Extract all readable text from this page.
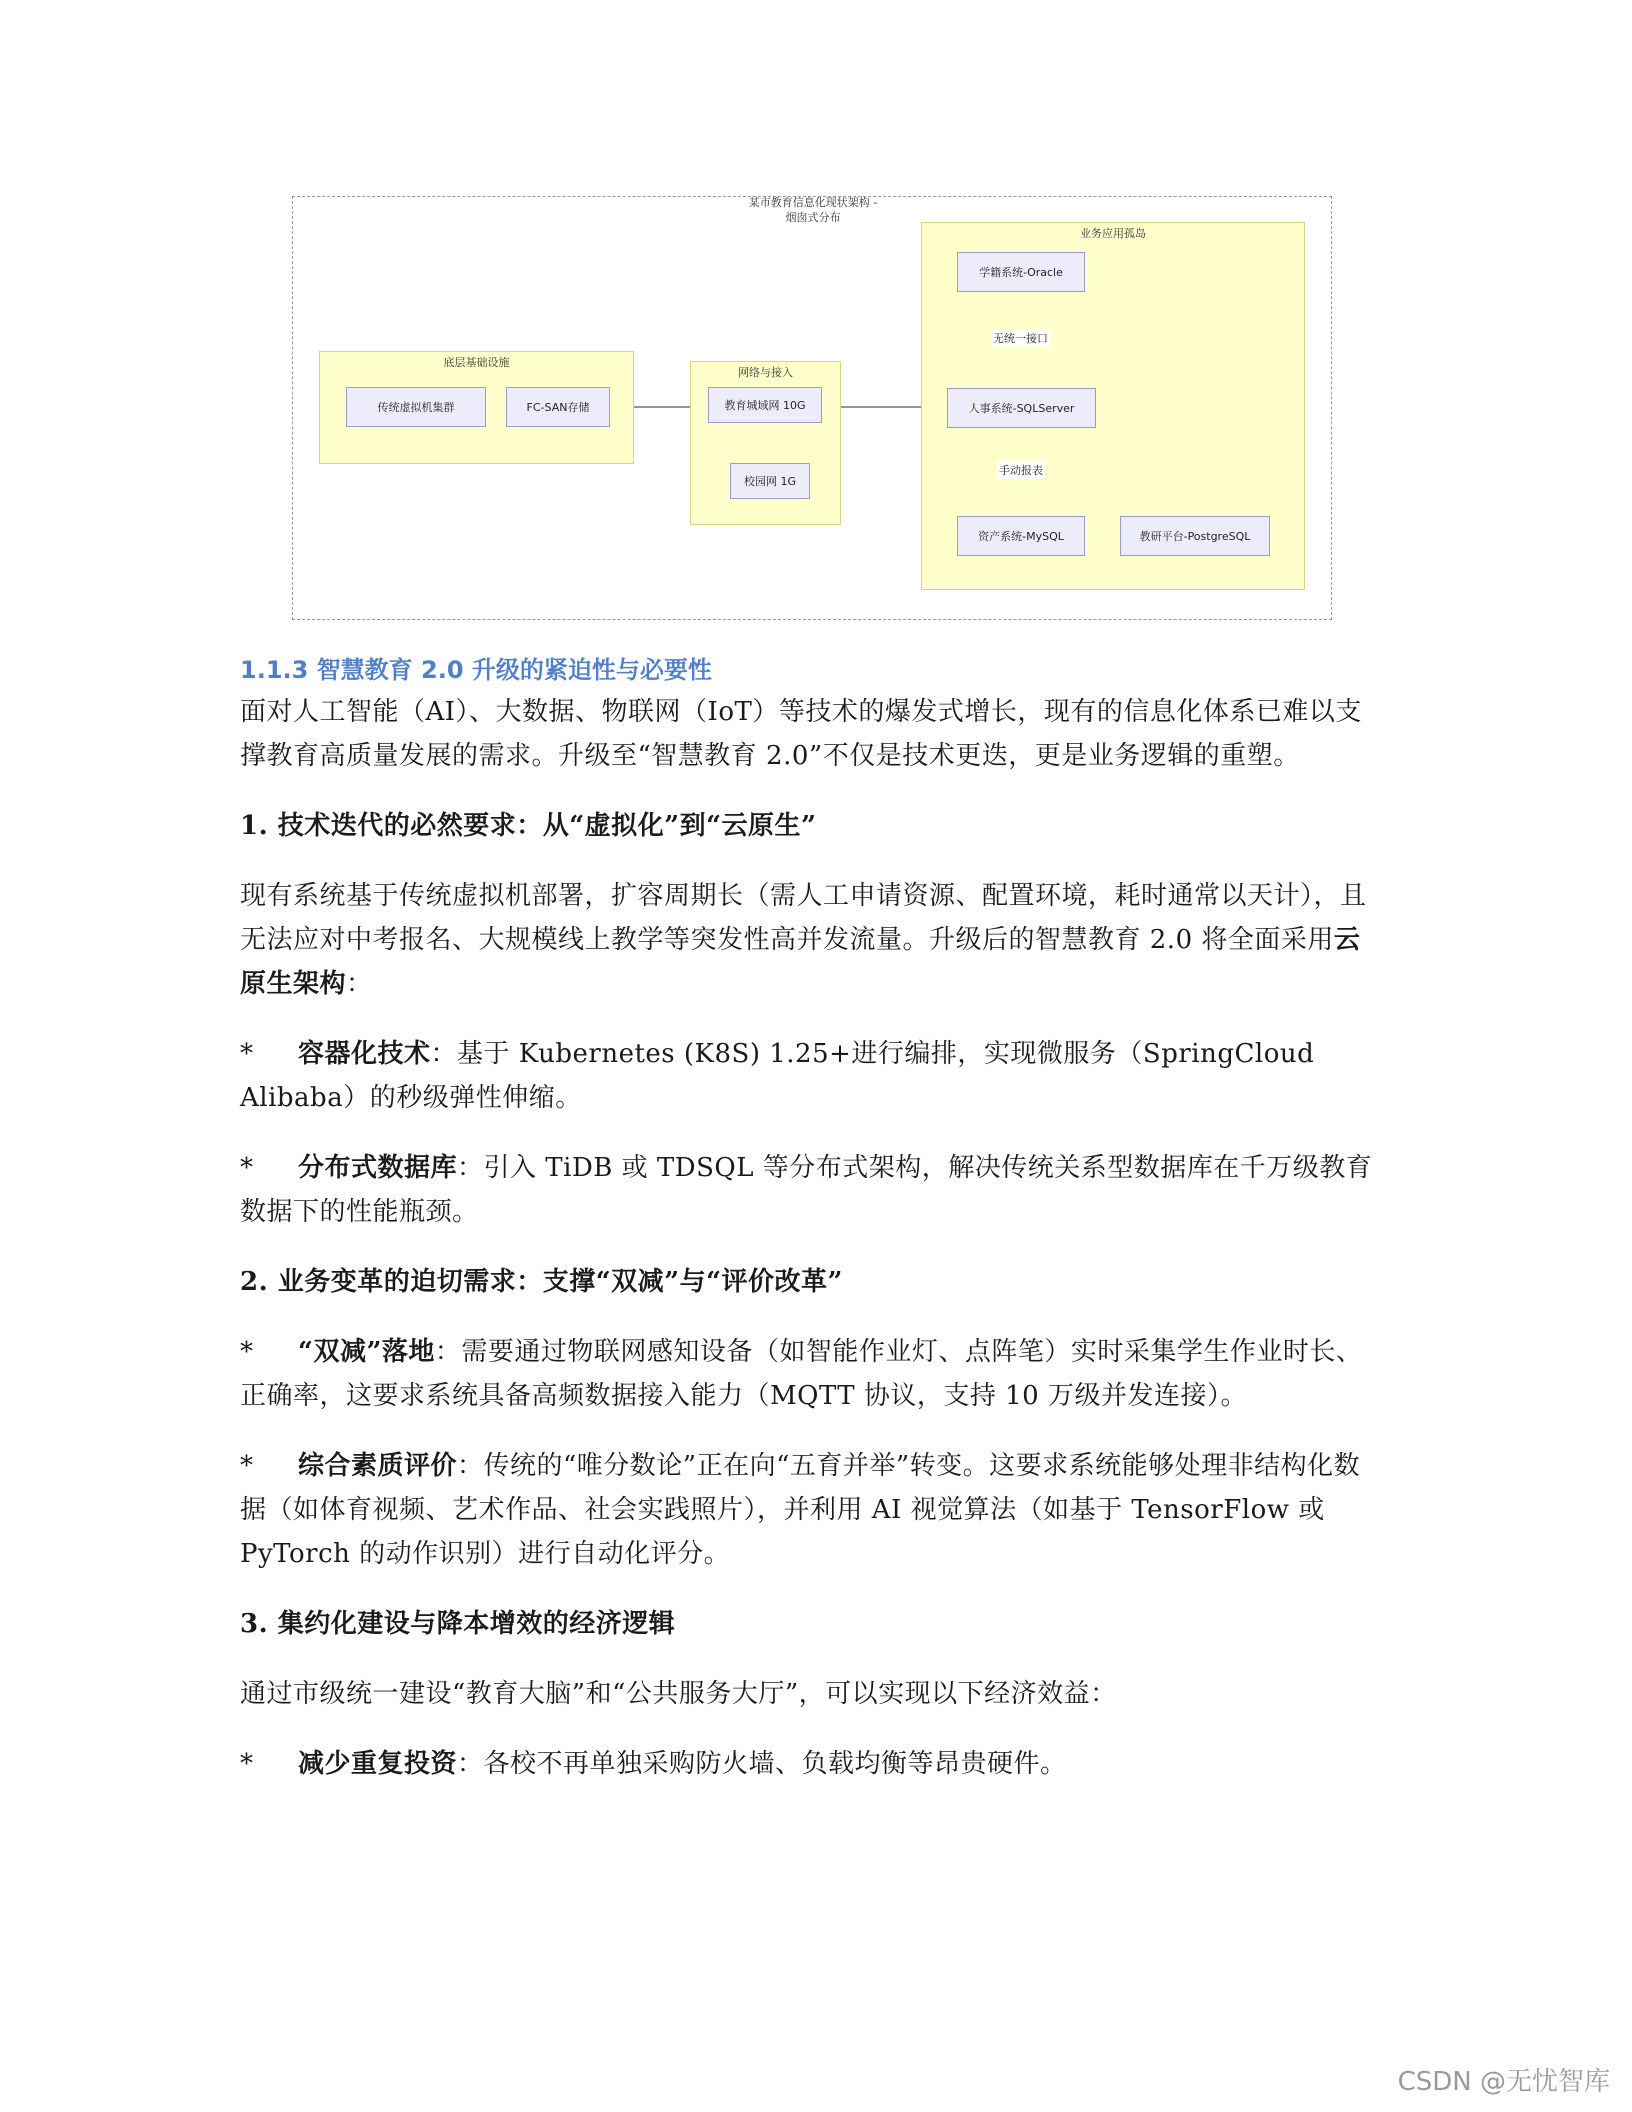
某市教育信息化现状架构 -
烟囱式分布
底层基础设施
传统虚拟机集群	FC-SAN存储
网络与接入
教育城域网 10G
校园网 1G
业务应用孤岛
学籍系统-Oracle
人事系统-SQLServer
资产系统-MySQL	教研平台-PostgreSQL
无统一接口
手动报表
1.1.3 智慧教育 2.0 升级的紧迫性与必要性

面对人工智能（AI）、大数据、物联网（IoT）等技术的爆发式增长，现有的信息化体系已难以支撑教育高质量发展的需求。升级至“智慧教育 2.0”不仅是技术更迭，更是业务逻辑的重塑。

1. 技术迭代的必然要求：从“虚拟化”到“云原生”

现有系统基于传统虚拟机部署，扩容周期长（需人工申请资源、配置环境，耗时通常以天计），且无法应对中考报名、大规模线上教学等突发性高并发流量。升级后的智慧教育 2.0 将全面采用云原生架构：

* 容器化技术：基于 Kubernetes (K8S) 1.25+进行编排，实现微服务（SpringCloud Alibaba）的秒级弹性伸缩。

* 分布式数据库：引入 TiDB 或 TDSQL 等分布式架构，解决传统关系型数据库在千万级教育数据下的性能瓶颈。

2. 业务变革的迫切需求：支撑“双减”与“评价改革”

* “双减”落地：需要通过物联网感知设备（如智能作业灯、点阵笔）实时采集学生作业时长、正确率，这要求系统具备高频数据接入能力（MQTT 协议，支持 10 万级并发连接）。

* 综合素质评价：传统的“唯分数论”正在向“五育并举”转变。这要求系统能够处理非结构化数据（如体育视频、艺术作品、社会实践照片），并利用 AI 视觉算法（如基于 TensorFlow 或 PyTorch 的动作识别）进行自动化评分。

3. 集约化建设与降本增效的经济逻辑

通过市级统一建设“教育大脑”和“公共服务大厅”，可以实现以下经济效益：

* 减少重复投资：各校不再单独采购防火墙、负载均衡等昂贵硬件。

CSDN @无忧智库
